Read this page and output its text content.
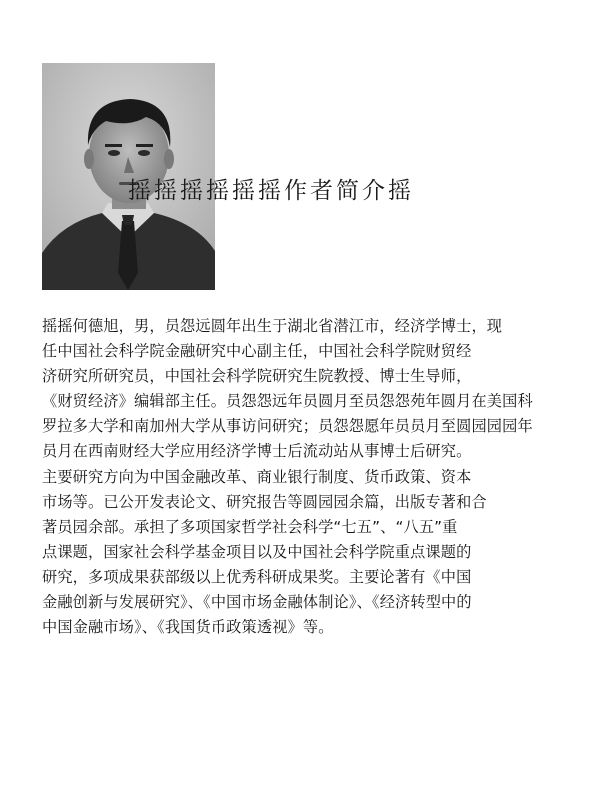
摇摇摇摇摇摇作者简介摇
摇摇何德旭，男，员怨远圆年出生于湖北省潜江市，经济学博士，现
任中国社会科学院金融研究中心副主任，中国社会科学院财贸经
济研究所研究员，中国社会科学院研究生院教授、博士生导师，
《财贸经济》编辑部主任。员怨怨远年员圆月至员怨怨苑年圆月在美国科
罗拉多大学和南加州大学从事访问研究；员怨怨愿年员员月至圆园园园年
员月在西南财经大学应用经济学博士后流动站从事博士后研究。
主要研究方向为中国金融改革、商业银行制度、货币政策、资本
市场等。已公开发表论文、研究报告等圆园园余篇，出版专著和合
著员园余部。承担了多项国家哲学社会科学“七五”、“八五”重
点课题，国家社会科学基金项目以及中国社会科学院重点课题的
研究，多项成果获部级以上优秀科研成果奖。主要论著有《中国
金融创新与发展研究》、《中国市场金融体制论》、《经济转型中的
中国金融市场》、《我国货币政策透视》等。
